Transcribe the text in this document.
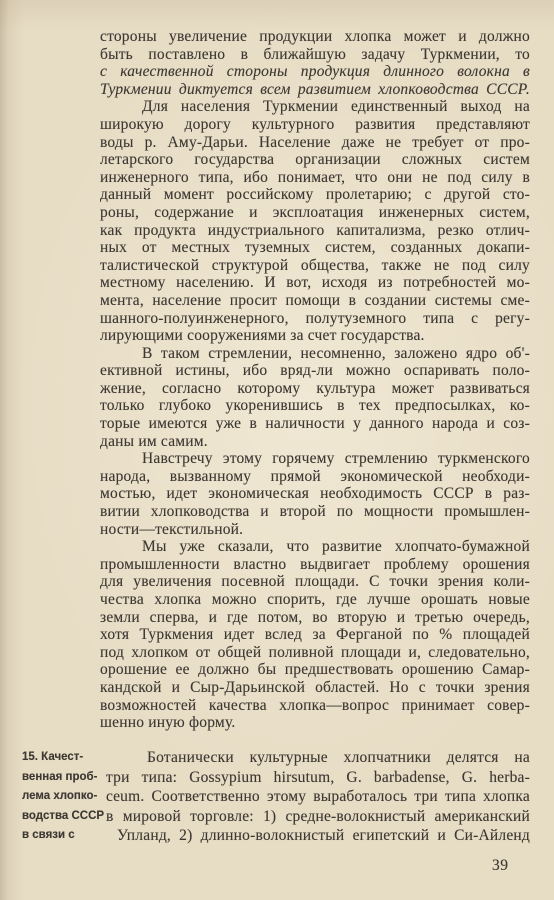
стороны увеличение продукции хлопка может и должно
быть поставлено в ближайшую задачу Туркмении, то
с качественной стороны продукция длинного волокна в
Туркмении диктуется всем развитием хлопководства СССР.
Для населения Туркмении единственный выход на
широкую дорогу культурного развития представляют
воды р. Аму-Дарьи. Население даже не требует от про-
летарского государства организации сложных систем
инженерного типа, ибо понимает, что они не под силу в
данный момент российскому пролетарию; с другой сто-
роны, содержание и эксплоатация инженерных систем,
как продукта индустриального капитализма, резко отлич-
ных от местных туземных систем, созданных докапи-
талистической структурой общества, также не под силу
местному населению. И вот, исходя из потребностей мо-
мента, население просит помощи в создании системы сме-
шанного-полуинженерного, полутуземного типа с регу-
лирующими сооружениями за счет государства.
В таком стремлении, несомненно, заложено ядро об'-
ективной истины, ибо вряд-ли можно оспаривать поло-
жение, согласно которому культура может развиваться
только глубоко укоренившись в тех предпосылках, ко-
торые имеются уже в наличности у данного народа и соз-
даны им самим.
Навстречу этому горячему стремлению туркменского
народа, вызванному прямой экономической необходи-
мостью, идет экономическая необходимость СССР в раз-
витии хлопководства и второй по мощности промышлен-
ности—текстильной.
Мы уже сказали, что развитие хлопчато-бумажной
промышленности властно выдвигает проблему орошения
для увеличения посевной площади. С точки зрения коли-
чества хлопка можно спорить, где лучше орошать новые
земли сперва, и где потом, во вторую и третью очередь,
хотя Туркмения идет вслед за Ферганой по % площадей
под хлопком от общей поливной площади и, следовательно,
орошение ее должно бы предшествовать орошению Самар-
кандской и Сыр-Дарьинской областей. Но с точки зрения
возможностей качества хлопка—вопрос принимает совер-
шенно иную форму.
15. Качест-
венная проб-
лема хлопко-
водства СССР
в связи с
Ботанически культурные хлопчатники делятся на
три типа: Gossypium hirsutum, G. barbadense, G. herba-
ceum. Соответственно этому выработалось три типа хлопка
в мировой торговле: 1) средне-волокнистый американский
Упланд, 2) длинно-волокнистый египетский и Си-Айленд
39
